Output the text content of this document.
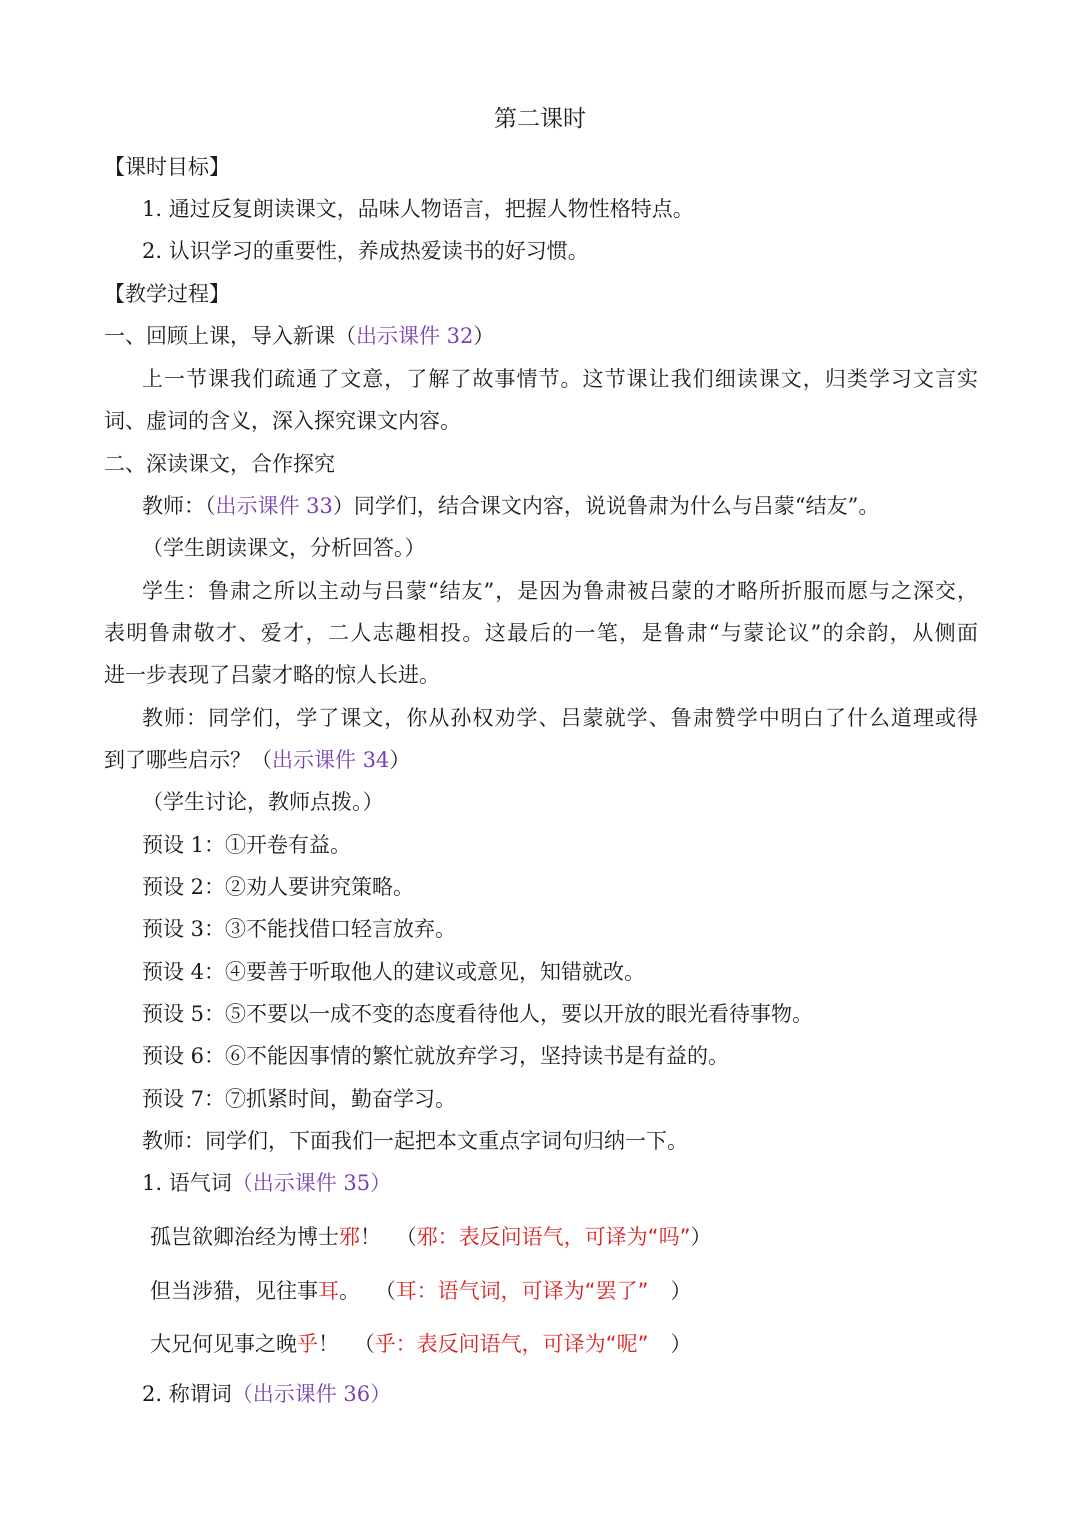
第二课时
【课时目标】
1. 通过反复朗读课文，品味人物语言，把握人物性格特点。
2. 认识学习的重要性，养成热爱读书的好习惯。
【教学过程】
一、回顾上课，导入新课（出示课件 32）
上一节课我们疏通了文意，了解了故事情节。这节课让我们细读课文，归类学习文言实
词、虚词的含义，深入探究课文内容。
二、深读课文，合作探究
教师：（出示课件 33）同学们，结合课文内容，说说鲁肃为什么与吕蒙“结友”。
（学生朗读课文，分析回答。）
学生：鲁肃之所以主动与吕蒙“结友”，是因为鲁肃被吕蒙的才略所折服而愿与之深交，
表明鲁肃敬才、爱才，二人志趣相投。这最后的一笔，是鲁肃“与蒙论议”的余韵，从侧面
进一步表现了吕蒙才略的惊人长进。
教师：同学们，学了课文，你从孙权劝学、吕蒙就学、鲁肃赞学中明白了什么道理或得
到了哪些启示？（出示课件 34）
（学生讨论，教师点拨。）
预设 1：①开卷有益。
预设 2：②劝人要讲究策略。
预设 3：③不能找借口轻言放弃。
预设 4：④要善于听取他人的建议或意见，知错就改。
预设 5：⑤不要以一成不变的态度看待他人，要以开放的眼光看待事物。
预设 6：⑥不能因事情的繁忙就放弃学习，坚持读书是有益的。
预设 7：⑦抓紧时间，勤奋学习。
教师：同学们，下面我们一起把本文重点字词句归纳一下。
1. 语气词（出示课件 35）
孤岂欲卿治经为博士邪！ （邪：表反问语气，可译为“吗”）
但当涉猎，见往事耳。 （耳：语气词，可译为“罢了” ）
大兄何见事之晚乎！ （乎：表反问语气，可译为“呢” ）
2. 称谓词（出示课件 36）
